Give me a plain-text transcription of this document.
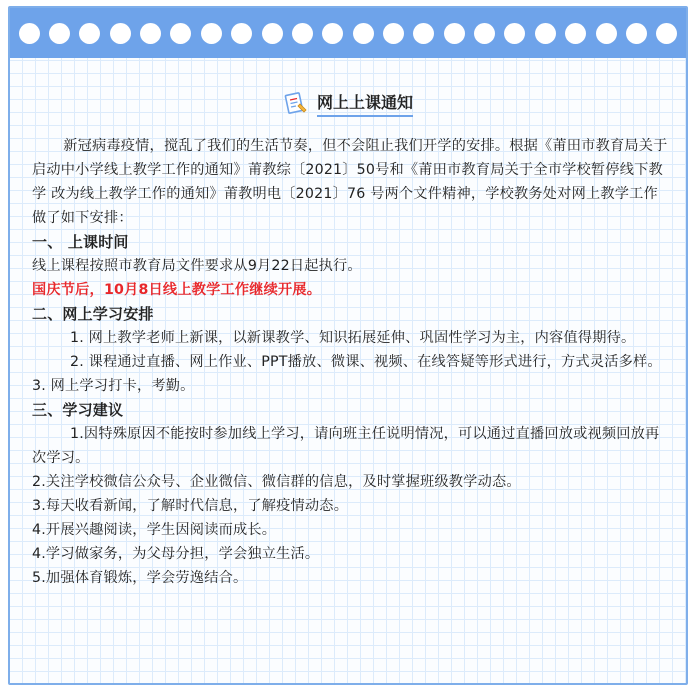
网上上课通知

新冠病毒疫情，搅乱了我们的生活节奏，但不会阻止我们开学的安排。根据《莆田市教育局关于启动中小学线上教学工作的通知》莆教综〔2021〕50号和《莆田市教育局关于全市学校暂停线下教学 改为线上教学工作的通知》莆教明电〔2021〕76 号两个文件精神，学校教务处对网上教学工作做了如下安排：

一、 上课时间

线上课程按照市教育局文件要求从9月22日起执行。

国庆节后，10月8日线上教学工作继续开展。

二、网上学习安排

1. 网上教学老师上新课，以新课教学、知识拓展延伸、巩固性学习为主，内容值得期待。

2. 课程通过直播、网上作业、PPT播放、微课、视频、在线答疑等形式进行，方式灵活多样。

3. 网上学习打卡，考勤。

三、学习建议

1.因特殊原因不能按时参加线上学习，请向班主任说明情况，可以通过直播回放或视频回放再次学习。

2.关注学校微信公众号、企业微信、微信群的信息，及时掌握班级教学动态。

3.每天收看新闻，了解时代信息，了解疫情动态。

4.开展兴趣阅读，学生因阅读而成长。

4.学习做家务，为父母分担，学会独立生活。

5.加强体育锻炼，学会劳逸结合。
